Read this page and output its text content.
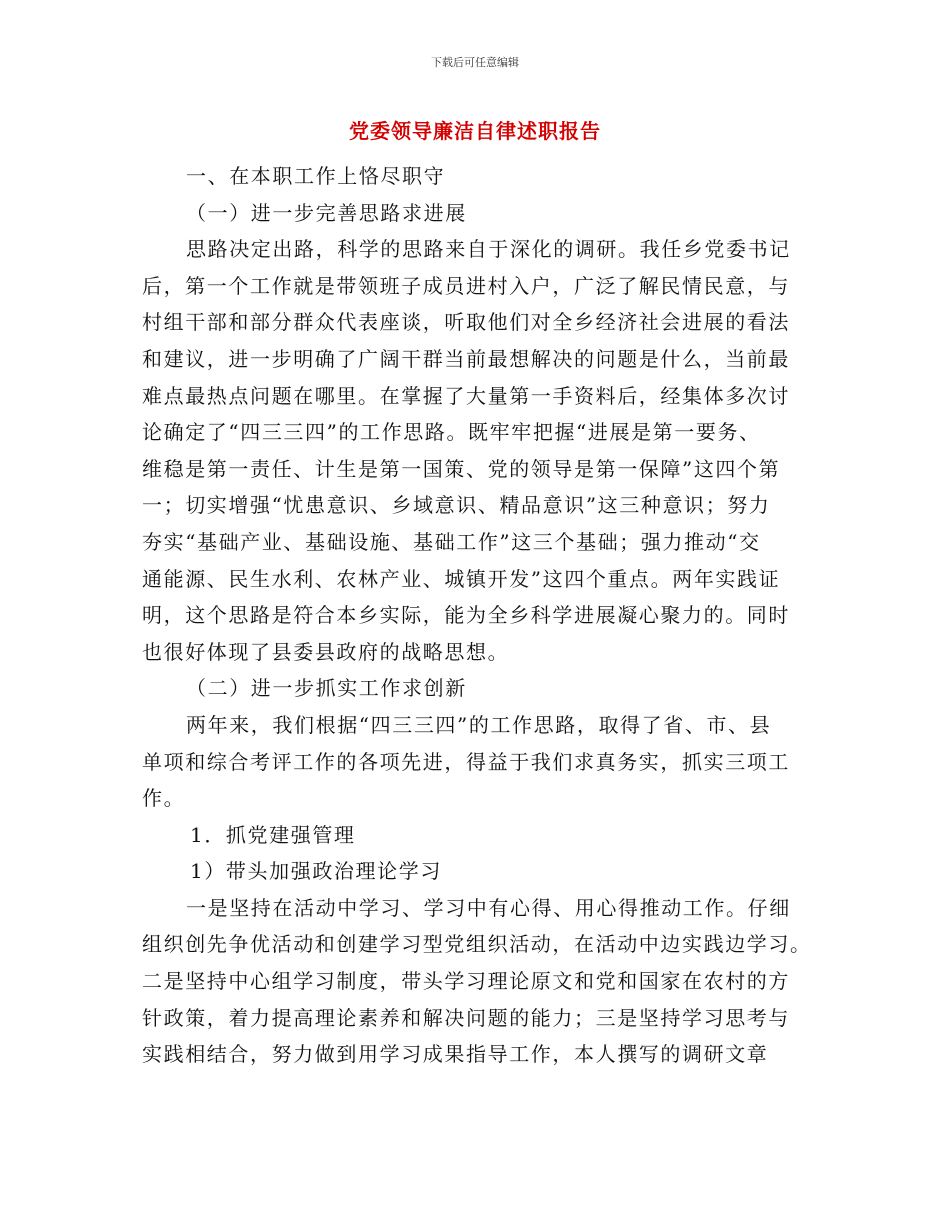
下载后可任意编辑
党委领导廉洁自律述职报告
一、在本职工作上恪尽职守
（一）进一步完善思路求进展
思路决定出路，科学的思路来自于深化的调研。我任乡党委书记
后，第一个工作就是带领班子成员进村入户，广泛了解民情民意，与
村组干部和部分群众代表座谈，听取他们对全乡经济社会进展的看法
和建议，进一步明确了广阔干群当前最想解决的问题是什么，当前最
难点最热点问题在哪里。在掌握了大量第一手资料后，经集体多次讨
论确定了“四三三四”的工作思路。既牢牢把握“进展是第一要务、
维稳是第一责任、计生是第一国策、党的领导是第一保障”这四个第
一；切实增强“忧患意识、乡域意识、精品意识”这三种意识；努力
夯实“基础产业、基础设施、基础工作”这三个基础；强力推动“交
通能源、民生水利、农林产业、城镇开发”这四个重点。两年实践证
明，这个思路是符合本乡实际，能为全乡科学进展凝心聚力的。同时
也很好体现了县委县政府的战略思想。
（二）进一步抓实工作求创新
两年来，我们根据“四三三四”的工作思路，取得了省、市、县
单项和综合考评工作的各项先进，得益于我们求真务实，抓实三项工
作。
1．抓党建强管理
1）带头加强政治理论学习
一是坚持在活动中学习、学习中有心得、用心得推动工作。仔细
组织创先争优活动和创建学习型党组织活动，在活动中边实践边学习。
二是坚持中心组学习制度，带头学习理论原文和党和国家在农村的方
针政策，着力提高理论素养和解决问题的能力；三是坚持学习思考与
实践相结合，努力做到用学习成果指导工作，本人撰写的调研文章
